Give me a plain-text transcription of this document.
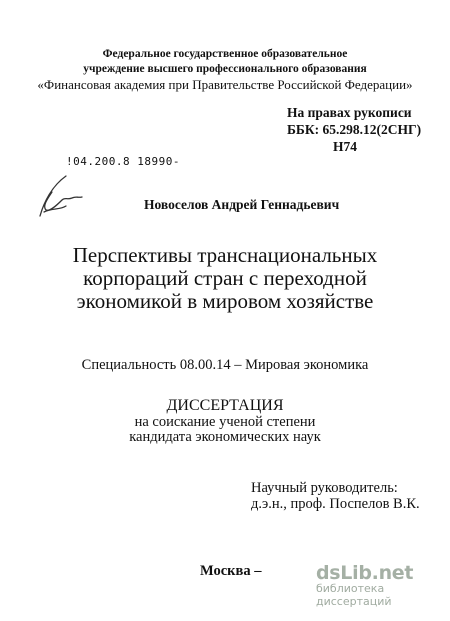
Федеральное государственное образовательное
учреждение высшего профессионального образования
«Финансовая академия при Правительстве Российской Федерации»
На правах рукописи
ББК: 65.298.12(2СНГ)
Н74
!04.200.8 18990-
Новоселов Андрей Геннадьевич
Перспективы транснациональных
корпораций стран с переходной
экономикой в мировом хозяйстве
Специальность 08.00.14 – Мировая экономика
ДИССЕРТАЦИЯ
на соискание ученой степени
кандидата экономических наук
Научный руководитель:
д.э.н., проф. Поспелов В.К.
Москва –	dsLib.net
библиотека диссертаций
